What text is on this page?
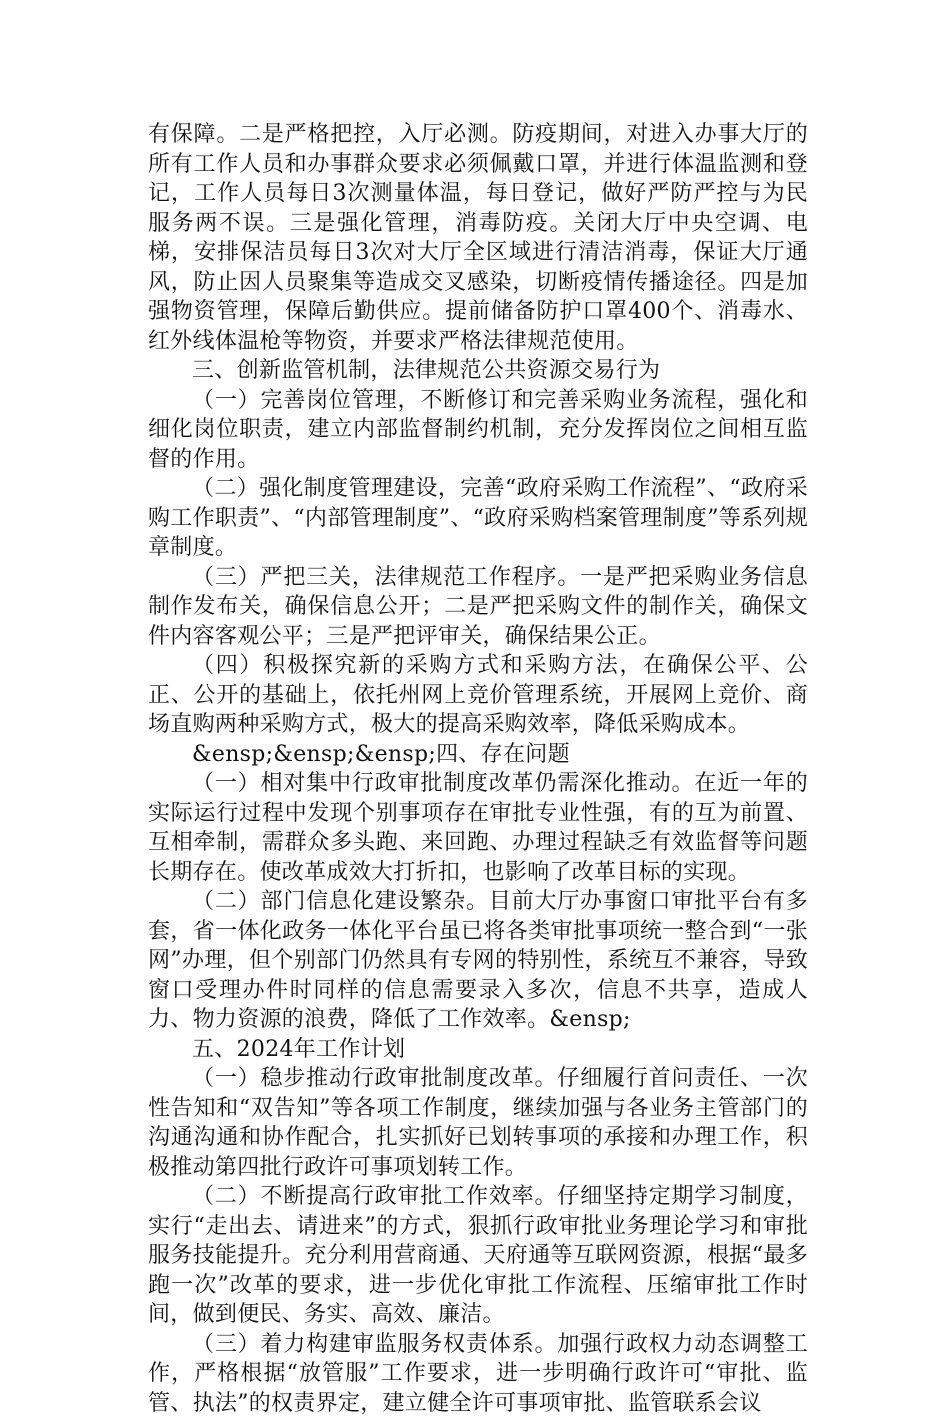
有保障。二是严格把控，入厅必测。防疫期间，对进入办事大厅的所有工作人员和办事群众要求必须佩戴口罩，并进行体温监测和登记，工作人员每日3次测量体温，每日登记，做好严防严控与为民服务两不误。三是强化管理，消毒防疫。关闭大厅中央空调、电梯，安排保洁员每日3次对大厅全区域进行清洁消毒，保证大厅通风，防止因人员聚集等造成交叉感染，切断疫情传播途径。四是加强物资管理，保障后勤供应。提前储备防护口罩400个、消毒水、红外线体温枪等物资，并要求严格法律规范使用。

三、创新监管机制，法律规范公共资源交易行为

（一）完善岗位管理，不断修订和完善采购业务流程，强化和细化岗位职责，建立内部监督制约机制，充分发挥岗位之间相互监督的作用。

（二）强化制度管理建设，完善“政府采购工作流程”、“政府采购工作职责”、“内部管理制度”、“政府采购档案管理制度”等系列规章制度。

（三）严把三关，法律规范工作程序。一是严把采购业务信息制作发布关，确保信息公开；二是严把采购文件的制作关，确保文件内容客观公平；三是严把评审关，确保结果公正。

（四）积极探究新的采购方式和采购方法，在确保公平、公正、公开的基础上，依托州网上竞价管理系统，开展网上竞价、商场直购两种采购方式，极大的提高采购效率，降低采购成本。

&ensp;&ensp;&ensp;四、存在问题

（一）相对集中行政审批制度改革仍需深化推动。在近一年的实际运行过程中发现个别事项存在审批专业性强，有的互为前置、互相牵制，需群众多头跑、来回跑、办理过程缺乏有效监督等问题长期存在。使改革成效大打折扣，也影响了改革目标的实现。

（二）部门信息化建设繁杂。目前大厅办事窗口审批平台有多套，省一体化政务一体化平台虽已将各类审批事项统一整合到“一张网”办理，但个别部门仍然具有专网的特别性，系统互不兼容，导致窗口受理办件时同样的信息需要录入多次，信息不共享，造成人力、物力资源的浪费，降低了工作效率。&ensp;

五、2024年工作计划

（一）稳步推动行政审批制度改革。仔细履行首问责任、一次性告知和“双告知”等各项工作制度，继续加强与各业务主管部门的沟通沟通和协作配合，扎实抓好已划转事项的承接和办理工作，积极推动第四批行政许可事项划转工作。

（二）不断提高行政审批工作效率。仔细坚持定期学习制度，实行“走出去、请进来”的方式，狠抓行政审批业务理论学习和审批服务技能提升。充分利用营商通、天府通等互联网资源，根据“最多跑一次”改革的要求，进一步优化审批工作流程、压缩审批工作时间，做到便民、务实、高效、廉洁。

（三）着力构建审监服务权责体系。加强行政权力动态调整工作，严格根据“放管服”工作要求，进一步明确行政许可“审批、监管、执法”的权责界定，建立健全许可事项审批、监管联系会议
